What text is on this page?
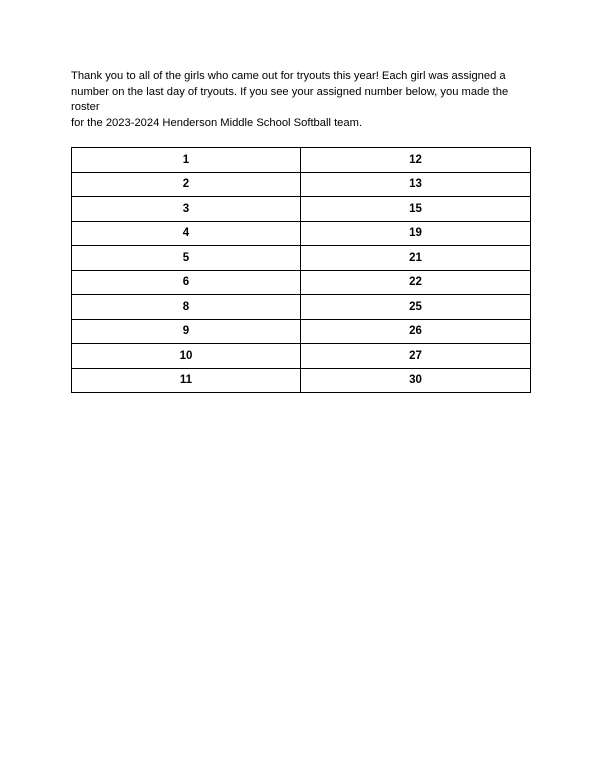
Thank you to all of the girls who came out for tryouts this year! Each girl was assigned a
number on the last day of tryouts. If you see your assigned number below, you made the roster
for the 2023-2024 Henderson Middle School Softball team.

1	12
2	13
3	15
4	19
5	21
6	22
8	25
9	26
10	27
11	30
